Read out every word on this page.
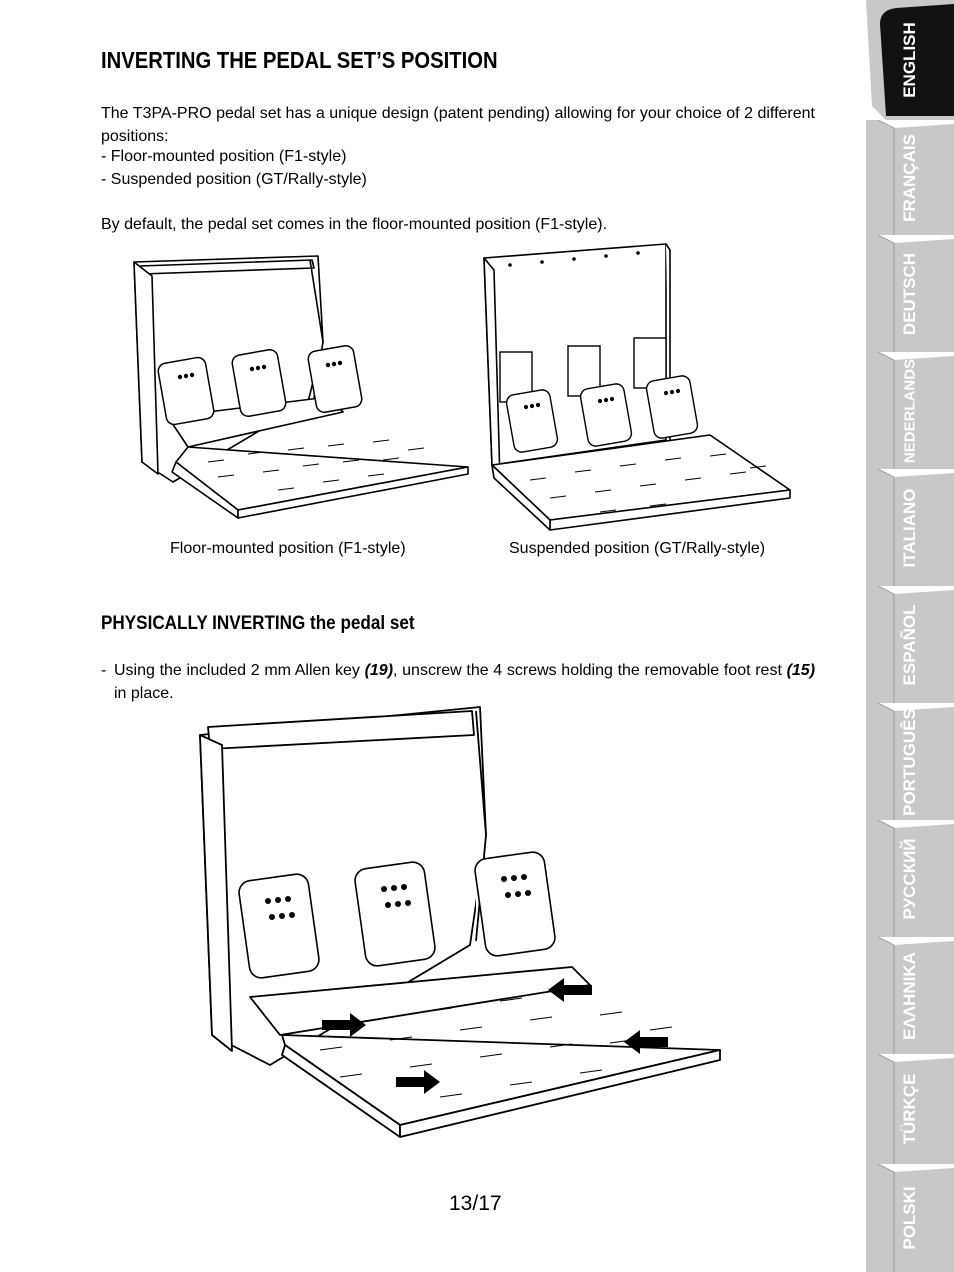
INVERTING THE PEDAL SET’S POSITION
The T3PA-PRO pedal set has a unique design (patent pending) allowing for your choice of 2 different positions:
- Floor-mounted position (F1-style)
- Suspended position (GT/Rally-style)
By default, the pedal set comes in the floor-mounted position (F1-style).
Floor-mounted position (F1-style)	Suspended position (GT/Rally-style)
PHYSICALLY INVERTING the pedal set
- Using the included 2 mm Allen key (19), unscrew the 4 screws holding the removable foot rest (15) in place.
13/17
ENGLISH
FRANÇAIS
DEUTSCH
NEDERLANDS
ITALIANO
ESPAÑOL
PORTUGUÊS
РУССКИЙ
ΕΛΛΗΝΙΚΑ
TÜRKÇE
POLSKI
